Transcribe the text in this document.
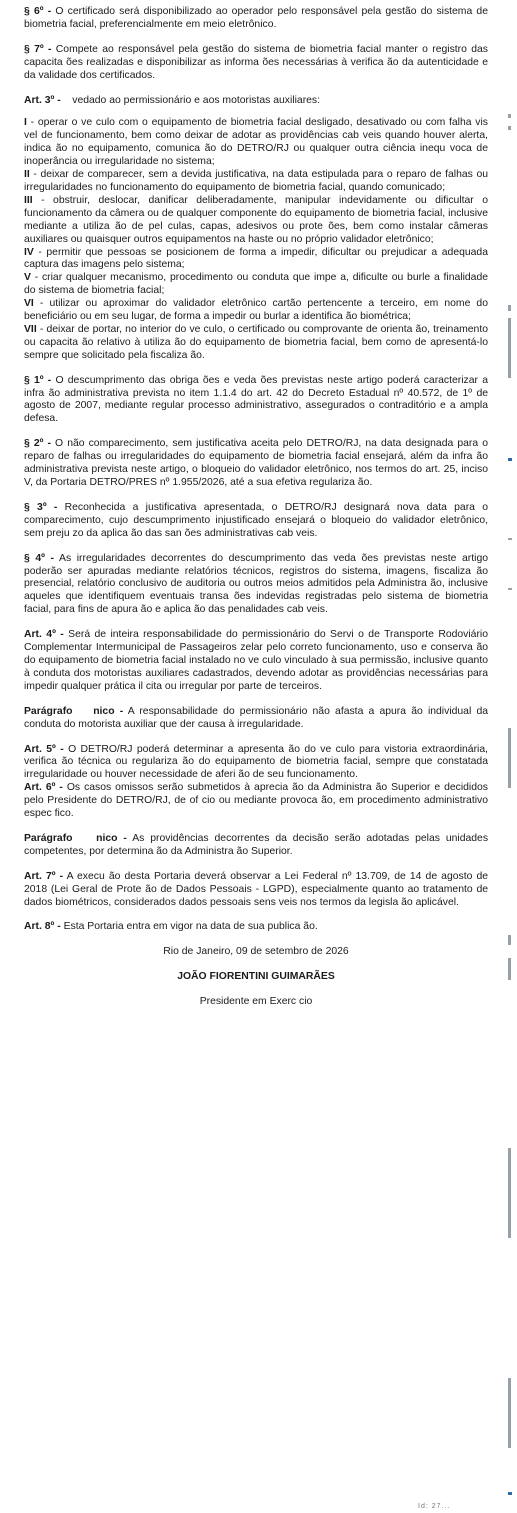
§ 6º - O certificado será disponibilizado ao operador pelo responsável pela gestão do sistema de biometria facial, preferencialmente em meio eletrônico.

§ 7º - Compete ao responsável pela gestão do sistema de biometria facial manter o registro das capacita ões realizadas e disponibilizar as informa ões necessárias à verifica ão da autenticidade e da validade dos certificados.

Art. 3º -    vedado ao permissionário e aos motoristas auxiliares:

I - operar o ve culo com o equipamento de biometria facial desligado, desativado ou com falha vis vel de funcionamento, bem como deixar de adotar as providências cab veis quando houver alerta, indica ão no equipamento, comunica ão do DETRO/RJ ou qualquer outra ciência inequ voca de inoperância ou irregularidade no sistema;

II - deixar de comparecer, sem a devida justificativa, na data estipulada para o reparo de falhas ou irregularidades no funcionamento do equipamento de biometria facial, quando comunicado;

III - obstruir, deslocar, danificar deliberadamente, manipular indevidamente ou dificultar o funcionamento da câmera ou de qualquer componente do equipamento de biometria facial, inclusive mediante a utiliza ão de pel culas, capas, adesivos ou prote ões, bem como instalar câmeras auxiliares ou quaisquer outros equipamentos na haste ou no próprio validador eletrônico;

IV - permitir que pessoas se posicionem de forma a impedir, dificultar ou prejudicar a adequada captura das imagens pelo sistema;

V - criar qualquer mecanismo, procedimento ou conduta que impe a, dificulte ou burle a finalidade do sistema de biometria facial;

VI - utilizar ou aproximar do validador eletrônico cartão pertencente a terceiro, em nome do beneficiário ou em seu lugar, de forma a impedir ou burlar a identifica ão biométrica;

VII - deixar de portar, no interior do ve culo, o certificado ou comprovante de orienta ão, treinamento ou capacita ão relativo à utiliza ão do equipamento de biometria facial, bem como de apresentá-lo sempre que solicitado pela fiscaliza ão.

§ 1º - O descumprimento das obriga ões e veda ões previstas neste artigo poderá caracterizar a infra ão administrativa prevista no item 1.1.4 do art. 42 do Decreto Estadual nº 40.572, de 1º de agosto de 2007, mediante regular processo administrativo, assegurados o contraditório e a ampla defesa.

§ 2º - O não comparecimento, sem justificativa aceita pelo DETRO/RJ, na data designada para o reparo de falhas ou irregularidades do equipamento de biometria facial ensejará, além da infra ão administrativa prevista neste artigo, o bloqueio do validador eletrônico, nos termos do art. 25, inciso V, da Portaria DETRO/PRES nº 1.955/2026, até a sua efetiva regulariza ão.

§ 3º - Reconhecida a justificativa apresentada, o DETRO/RJ designará nova data para o comparecimento, cujo descumprimento injustificado ensejará o bloqueio do validador eletrônico, sem preju zo da aplica ão das san ões administrativas cab veis.

§ 4º - As irregularidades decorrentes do descumprimento das veda ões previstas neste artigo poderão ser apuradas mediante relatórios técnicos, registros do sistema, imagens, fiscaliza ão presencial, relatório conclusivo de auditoria ou outros meios admitidos pela Administra ão, inclusive aqueles que identifiquem eventuais transa ões indevidas registradas pelo sistema de biometria facial, para fins de apura ão e aplica ão das penalidades cab veis.

Art. 4º - Será de inteira responsabilidade do permissionário do Servi o de Transporte Rodoviário Complementar Intermunicipal de Passageiros zelar pelo correto funcionamento, uso e conserva ão do equipamento de biometria facial instalado no ve culo vinculado à sua permissão, inclusive quanto à conduta dos motoristas auxiliares cadastrados, devendo adotar as providências necessárias para impedir qualquer prática il cita ou irregular por parte de terceiros.

Parágrafo    nico - A responsabilidade do permissionário não afasta a apura ão individual da conduta do motorista auxiliar que der causa à irregularidade.

Art. 5º - O DETRO/RJ poderá determinar a apresenta ão do ve culo para vistoria extraordinária, verifica ão técnica ou regulariza ão do equipamento de biometria facial, sempre que constatada irregularidade ou houver necessidade de aferi ão de seu funcionamento.

Art. 6º - Os casos omissos serão submetidos à aprecia ão da Administra ão Superior e decididos pelo Presidente do DETRO/RJ, de of cio ou mediante provoca ão, em procedimento administrativo espec fico.

Parágrafo    nico - As providências decorrentes da decisão serão adotadas pelas unidades competentes, por determina ão da Administra ão Superior.

Art. 7º - A execu ão desta Portaria deverá observar a Lei Federal nº 13.709, de 14 de agosto de 2018 (Lei Geral de Prote ão de Dados Pessoais - LGPD), especialmente quanto ao tratamento de dados biométricos, considerados dados pessoais sens veis nos termos da legisla ão aplicável.

Art. 8º - Esta Portaria entra em vigor na data de sua publica ão.

Rio de Janeiro, 09 de setembro de 2026

JOÃO FIORENTINI GUIMARÃES

Presidente em Exerc cio

Id: 27...
